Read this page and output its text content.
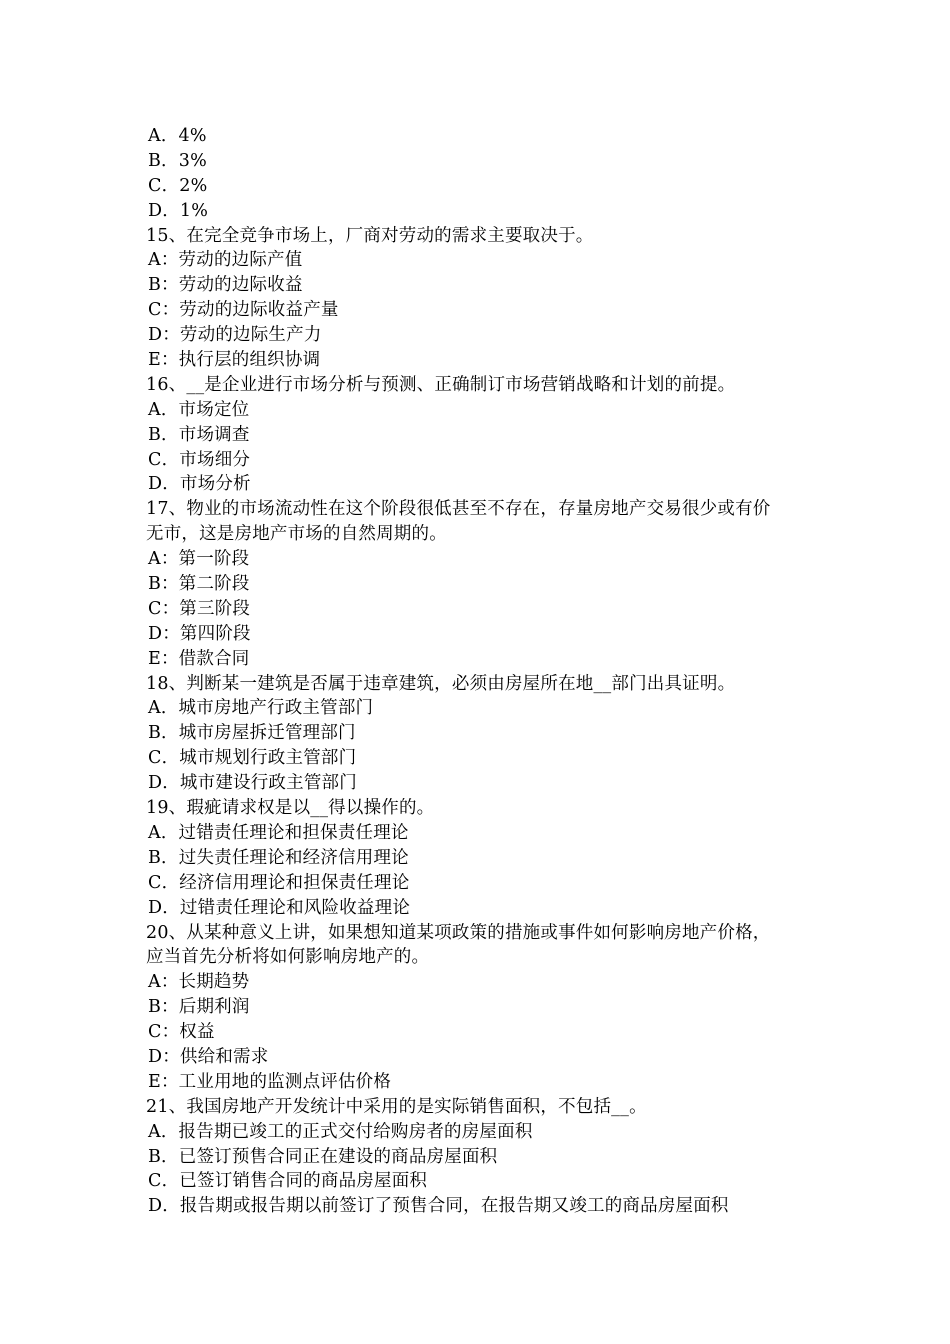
A．4%
B．3%
C．2%
D．1%
15、在完全竞争市场上，厂商对劳动的需求主要取决于。
A：劳动的边际产值
B：劳动的边际收益
C：劳动的边际收益产量
D：劳动的边际生产力
E：执行层的组织协调
16、__是企业进行市场分析与预测、正确制订市场营销战略和计划的前提。
A．市场定位
B．市场调查
C．市场细分
D．市场分析
17、物业的市场流动性在这个阶段很低甚至不存在，存量房地产交易很少或有价
无市，这是房地产市场的自然周期的。
A：第一阶段
B：第二阶段
C：第三阶段
D：第四阶段
E：借款合同
18、判断某一建筑是否属于违章建筑，必须由房屋所在地__部门出具证明。
A．城市房地产行政主管部门
B．城市房屋拆迁管理部门
C．城市规划行政主管部门
D．城市建设行政主管部门
19、瑕疵请求权是以__得以操作的。
A．过错责任理论和担保责任理论
B．过失责任理论和经济信用理论
C．经济信用理论和担保责任理论
D．过错责任理论和风险收益理论
20、从某种意义上讲，如果想知道某项政策的措施或事件如何影响房地产价格，
应当首先分析将如何影响房地产的。
A：长期趋势
B：后期利润
C：权益
D：供给和需求
E：工业用地的监测点评估价格
21、我国房地产开发统计中采用的是实际销售面积，不包括__。
A．报告期已竣工的正式交付给购房者的房屋面积
B．已签订预售合同正在建设的商品房屋面积
C．已签订销售合同的商品房屋面积
D．报告期或报告期以前签订了预售合同，在报告期又竣工的商品房屋面积
